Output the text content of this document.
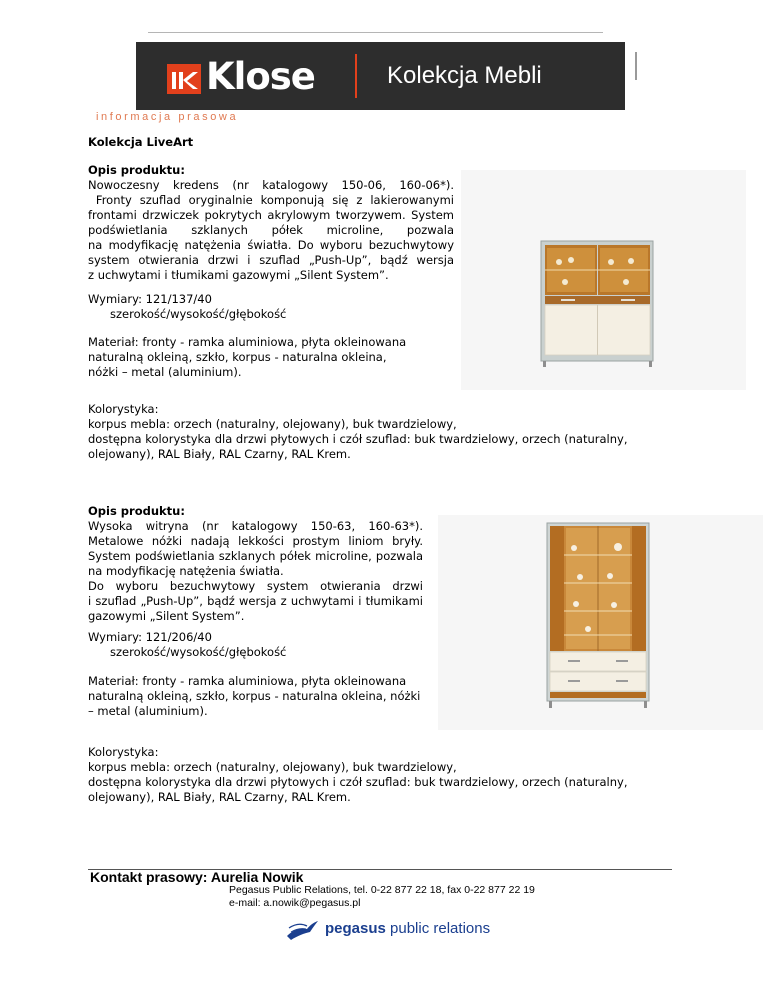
Klose	Kolekcja Mebli
informacja prasowa
Kolekcja LiveArt
Opis produktu:
Nowoczesny kredens (nr katalogowy 150-06, 160-06*).
Fronty szuflad oryginalnie komponują się z lakierowanymi
frontami drzwiczek pokrytych akrylowym tworzywem. System
podświetlania szklanych półek microline, pozwala
na modyfikację natężenia światła. Do wyboru bezuchwytowy
system otwierania drzwi i szuflad „Push-Up”, bądź wersja
z uchwytami i tłumikami gazowymi „Silent System”.
Wymiary: 121/137/40
szerokość/wysokość/głębokość
Materiał: fronty - ramka aluminiowa, płyta okleinowana naturalną okleiną, szkło, korpus - naturalna okleina, nóżki – metal (aluminium).
Kolorystyka:
korpus mebla: orzech (naturalny, olejowany), buk twardzielowy,
dostępna kolorystyka dla drzwi płytowych i czół szuflad: buk twardzielowy, orzech (naturalny, olejowany), RAL Biały, RAL Czarny, RAL Krem.
Opis produktu:
Wysoka witryna (nr katalogowy 150-63, 160-63*).
Metalowe nóżki nadają lekkości prostym liniom bryły.
System podświetlania szklanych półek microline, pozwala
na modyfikację natężenia światła.
Do wyboru bezuchwytowy system otwierania drzwi
i szuflad „Push-Up”, bądź wersja z uchwytami i tłumikami
gazowymi „Silent System”.
Wymiary: 121/206/40
szerokość/wysokość/głębokość
Materiał: fronty - ramka aluminiowa, płyta okleinowana naturalną okleiną, szkło, korpus - naturalna okleina, nóżki – metal (aluminium).
Kolorystyka:
korpus mebla: orzech (naturalny, olejowany), buk twardzielowy,
dostępna kolorystyka dla drzwi płytowych i czół szuflad: buk twardzielowy, orzech (naturalny, olejowany), RAL Biały, RAL Czarny, RAL Krem.
Kontakt prasowy: Aurelia Nowik
Pegasus Public Relations, tel. 0-22 877 22 18, fax 0-22 877 22 19
e-mail: a.nowik@pegasus.pl
pegasus public relations
